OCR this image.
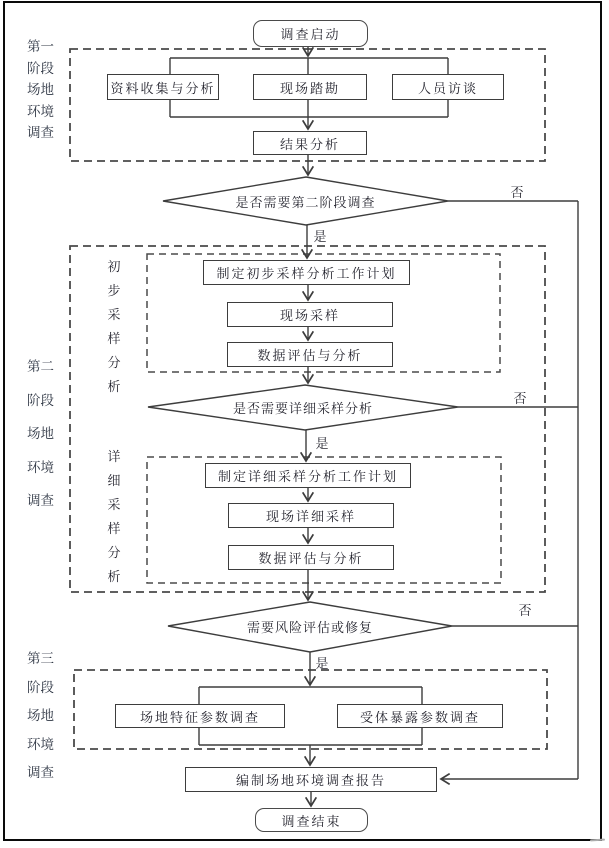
第一阶段场地环境调查
第二阶段场地环境调查
第三阶段场地环境调查
初步采样分析
详细采样分析
调查启动
资料收集与分析	现场踏勘	人员访谈
结果分析
制定初步采样分析工作计划
现场采样
数据评估与分析
制定详细采样分析工作计划
现场详细采样
数据评估与分析
场地特征参数调查	受体暴露参数调查
编制场地环境调查报告
调查结束
是否需要第二阶段调查
是否需要详细采样分析
需要风险评估或修复
是
是
是
否
否
否
